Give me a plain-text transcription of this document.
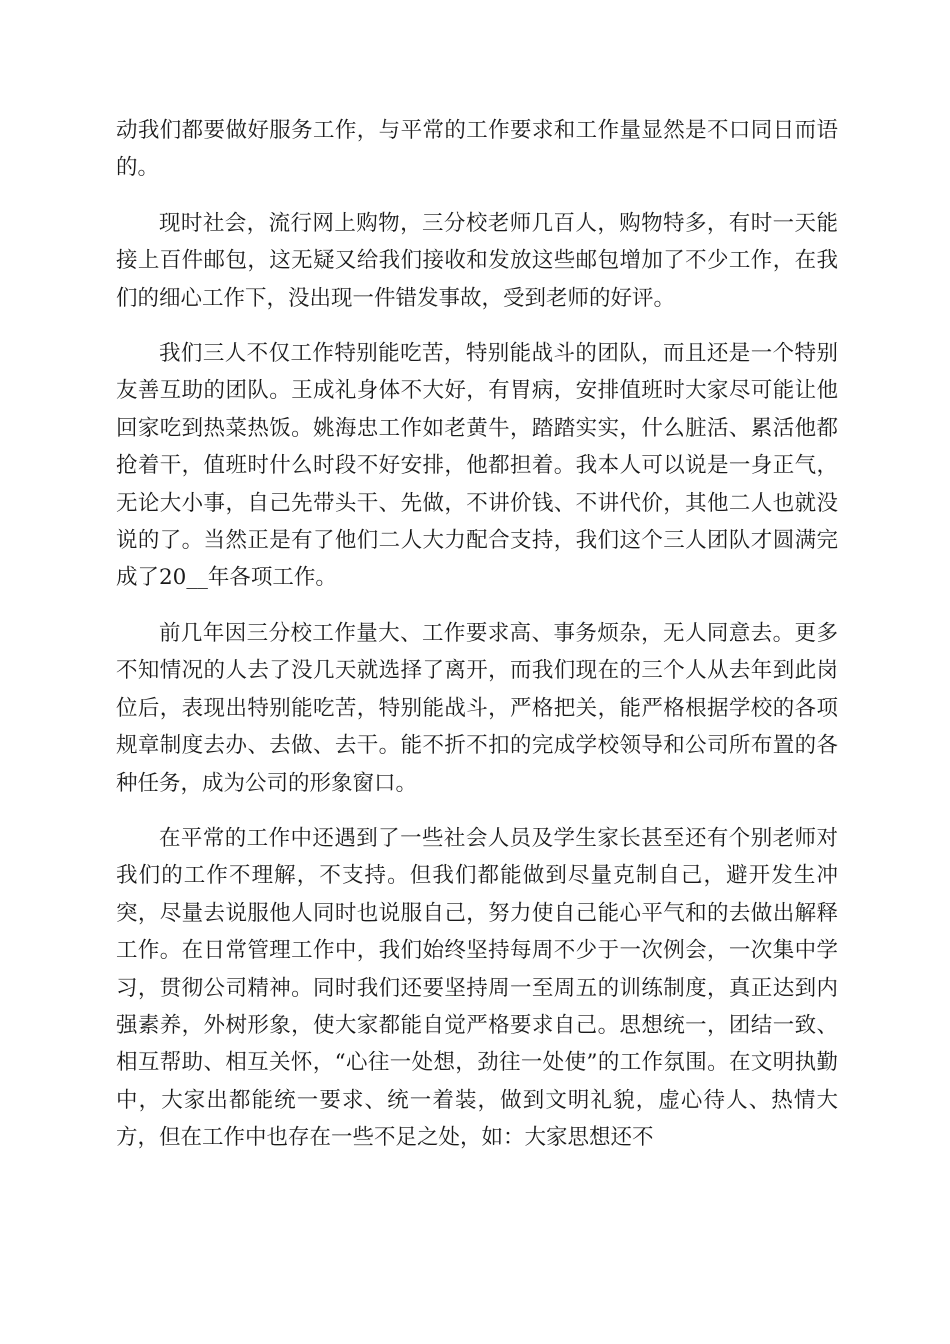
动我们都要做好服务工作，与平常的工作要求和工作量显然是不口同日而语的。

现时社会，流行网上购物，三分校老师几百人，购物特多，有时一天能接上百件邮包，这无疑又给我们接收和发放这些邮包增加了不少工作，在我们的细心工作下，没出现一件错发事故，受到老师的好评。

我们三人不仅工作特别能吃苦，特别能战斗的团队，而且还是一个特别友善互助的团队。王成礼身体不大好，有胃病，安排值班时大家尽可能让他回家吃到热菜热饭。姚海忠工作如老黄牛，踏踏实实，什么脏活、累活他都抢着干，值班时什么时段不好安排，他都担着。我本人可以说是一身正气，无论大小事，自己先带头干、先做，不讲价钱、不讲代价，其他二人也就没说的了。当然正是有了他们二人大力配合支持，我们这个三人团队才圆满完成了20__年各项工作。

前几年因三分校工作量大、工作要求高、事务烦杂，无人同意去。更多不知情况的人去了没几天就选择了离开，而我们现在的三个人从去年到此岗位后，表现出特别能吃苦，特别能战斗，严格把关，能严格根据学校的各项规章制度去办、去做、去干。能不折不扣的完成学校领导和公司所布置的各种任务，成为公司的形象窗口。

在平常的工作中还遇到了一些社会人员及学生家长甚至还有个别老师对我们的工作不理解，不支持。但我们都能做到尽量克制自己，避开发生冲突，尽量去说服他人同时也说服自己，努力使自己能心平气和的去做出解释工作。在日常管理工作中，我们始终坚持每周不少于一次例会，一次集中学习，贯彻公司精神。同时我们还要坚持周一至周五的训练制度，真正达到内强素养，外树形象，使大家都能自觉严格要求自己。思想统一，团结一致、相互帮助、相互关怀，“心往一处想，劲往一处使”的工作氛围。在文明执勤中，大家出都能统一要求、统一着装，做到文明礼貌，虚心待人、热情大方，但在工作中也存在一些不足之处，如：大家思想还不
